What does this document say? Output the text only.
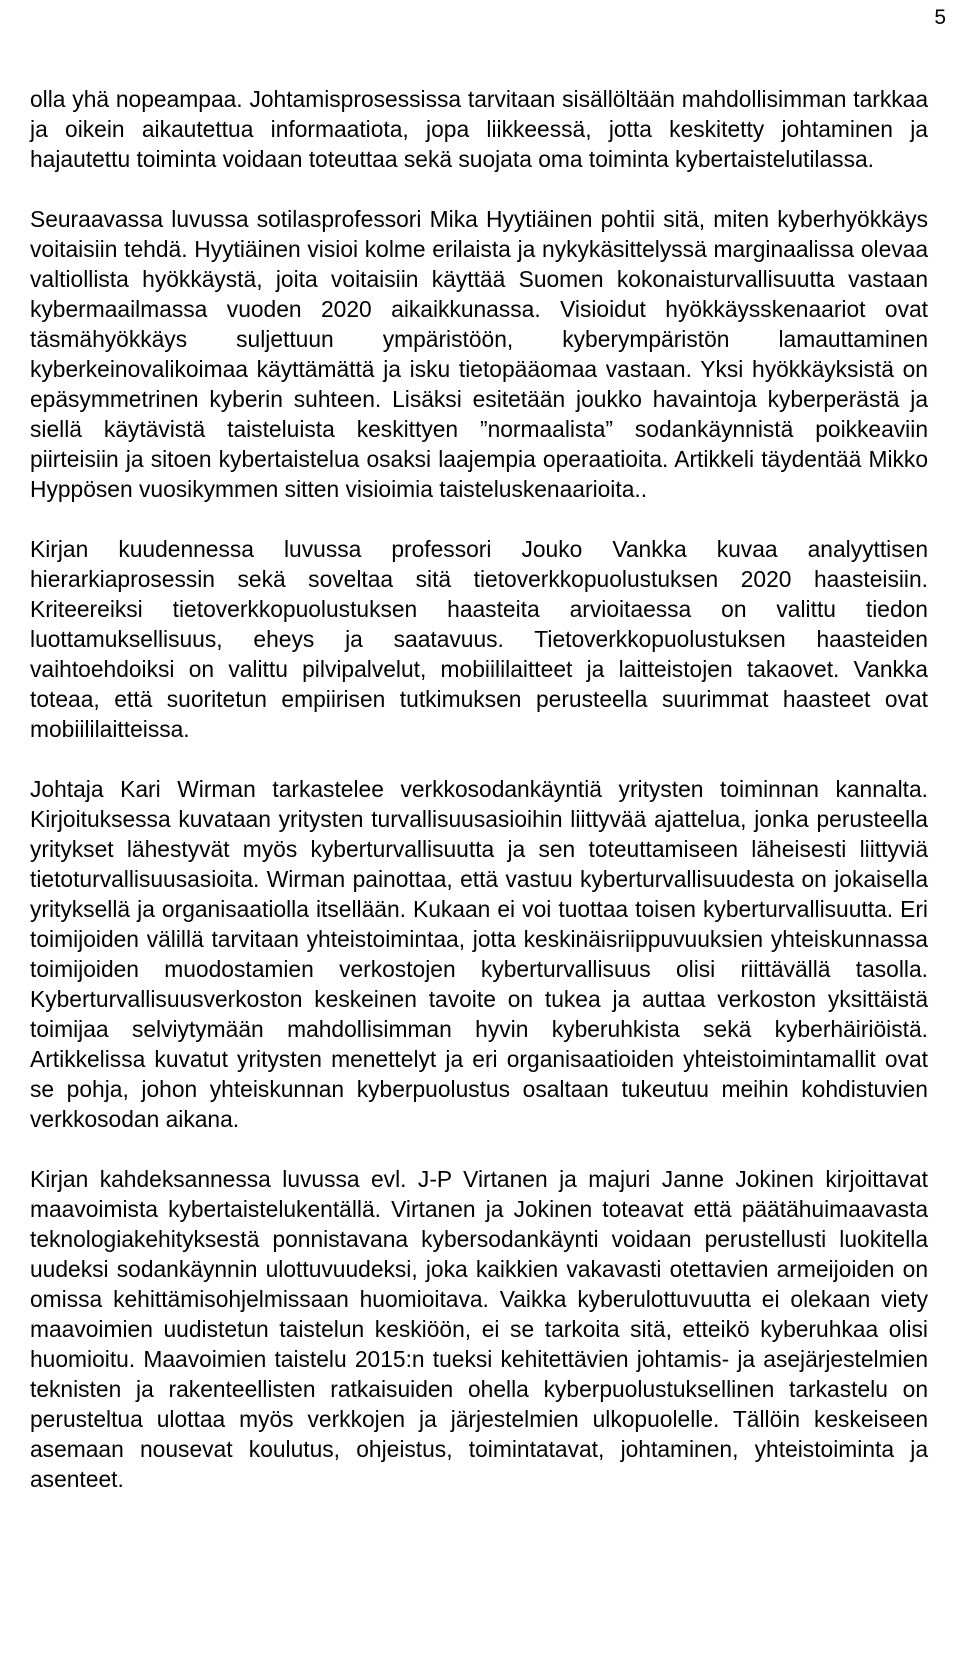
5

olla yhä nopeampaa. Johtamisprosessissa tarvitaan sisällöltään mahdollisimman tarkkaa ja oikein aikautettua informaatiota, jopa liikkeessä, jotta keskitetty johtaminen ja hajautettu toiminta voidaan toteuttaa sekä suojata oma toiminta kybertaistelutilassa.

Seuraavassa luvussa sotilasprofessori Mika Hyytiäinen pohtii sitä, miten kyberhyökkäys voitaisiin tehdä. Hyytiäinen visioi kolme erilaista ja nykykäsittelyssä marginaalissa olevaa valtiollista hyökkäystä, joita voitaisiin käyttää Suomen kokonaisturvallisuutta vastaan kybermaailmassa vuoden 2020 aikaikkunassa. Visioidut hyökkäysskenaariot ovat täsmähyökkäys suljettuun ympäristöön, kyberympäristön lamauttaminen kyberkeinovalikoimaa käyttämättä ja isku tietopääomaa vastaan. Yksi hyökkäyksistä on epäsymmetrinen kyberin suhteen. Lisäksi esitetään joukko havaintoja kyberperästä ja siellä käytävistä taisteluista keskittyen ”normaalista” sodankäynnistä poikkeaviin piirteisiin ja sitoen kybertaistelua osaksi laajempia operaatioita. Artikkeli täydentää Mikko Hyppösen vuosikymmen sitten visioimia taisteluskenaarioita..

Kirjan kuudennessa luvussa professori Jouko Vankka kuvaa analyyttisen hierarkiaprosessin sekä soveltaa sitä tietoverkkopuolustuksen 2020 haasteisiin. Kriteereiksi tietoverkkopuolustuksen haasteita arvioitaessa on valittu tiedon luottamuksellisuus, eheys ja saatavuus. Tietoverkkopuolustuksen haasteiden vaihtoehdoiksi on valittu pilvipalvelut, mobiililaitteet ja laitteistojen takaovet. Vankka toteaa, että suoritetun empiirisen tutkimuksen perusteella suurimmat haasteet ovat mobiililaitteissa.

Johtaja Kari Wirman tarkastelee verkkosodankäyntiä yritysten toiminnan kannalta. Kirjoituksessa kuvataan yritysten turvallisuusasioihin liittyvää ajattelua, jonka perusteella yritykset lähestyvät myös kyberturvallisuutta ja sen toteuttamiseen läheisesti liittyviä tietoturvallisuusasioita. Wirman painottaa, että vastuu kyberturvallisuudesta on jokaisella yrityksellä ja organisaatiolla itsellään. Kukaan ei voi tuottaa toisen kyberturvallisuutta. Eri toimijoiden välillä tarvitaan yhteistoimintaa, jotta keskinäisriippuvuuksien yhteiskunnassa toimijoiden muodostamien verkostojen kyberturvallisuus olisi riittävällä tasolla. Kyberturvallisuusverkoston keskeinen tavoite on tukea ja auttaa verkoston yksittäistä toimijaa selviytymään mahdollisimman hyvin kyberuhkista sekä kyberhäiriöistä. Artikkelissa kuvatut yritysten menettelyt ja eri organisaatioiden yhteistoimintamallit ovat se pohja, johon yhteiskunnan kyberpuolustus osaltaan tukeutuu meihin kohdistuvien verkkosodan aikana.

Kirjan kahdeksannessa luvussa evl. J-P Virtanen ja majuri Janne Jokinen kirjoittavat maavoimista kybertaistelukentällä. Virtanen ja Jokinen toteavat että päätähuimaavasta teknologiakehityksestä ponnistavana kybersodankäynti voidaan perustellusti luokitella uudeksi sodankäynnin ulottuvuudeksi, joka kaikkien vakavasti otettavien armeijoiden on omissa kehittämisohjelmissaan huomioitava. Vaikka kyberulottuvuutta ei olekaan viety maavoimien uudistetun taistelun keskiöön, ei se tarkoita sitä, etteikö kyberuhkaa olisi huomioitu. Maavoimien taistelu 2015:n tueksi kehitettävien johtamis- ja asejärjestelmien teknisten ja rakenteellisten ratkaisuiden ohella kyberpuolustuksellinen tarkastelu on perusteltua ulottaa myös verkkojen ja järjestelmien ulkopuolelle. Tällöin keskeiseen asemaan nousevat koulutus, ohjeistus, toimintatavat, johtaminen, yhteistoiminta ja asenteet.
